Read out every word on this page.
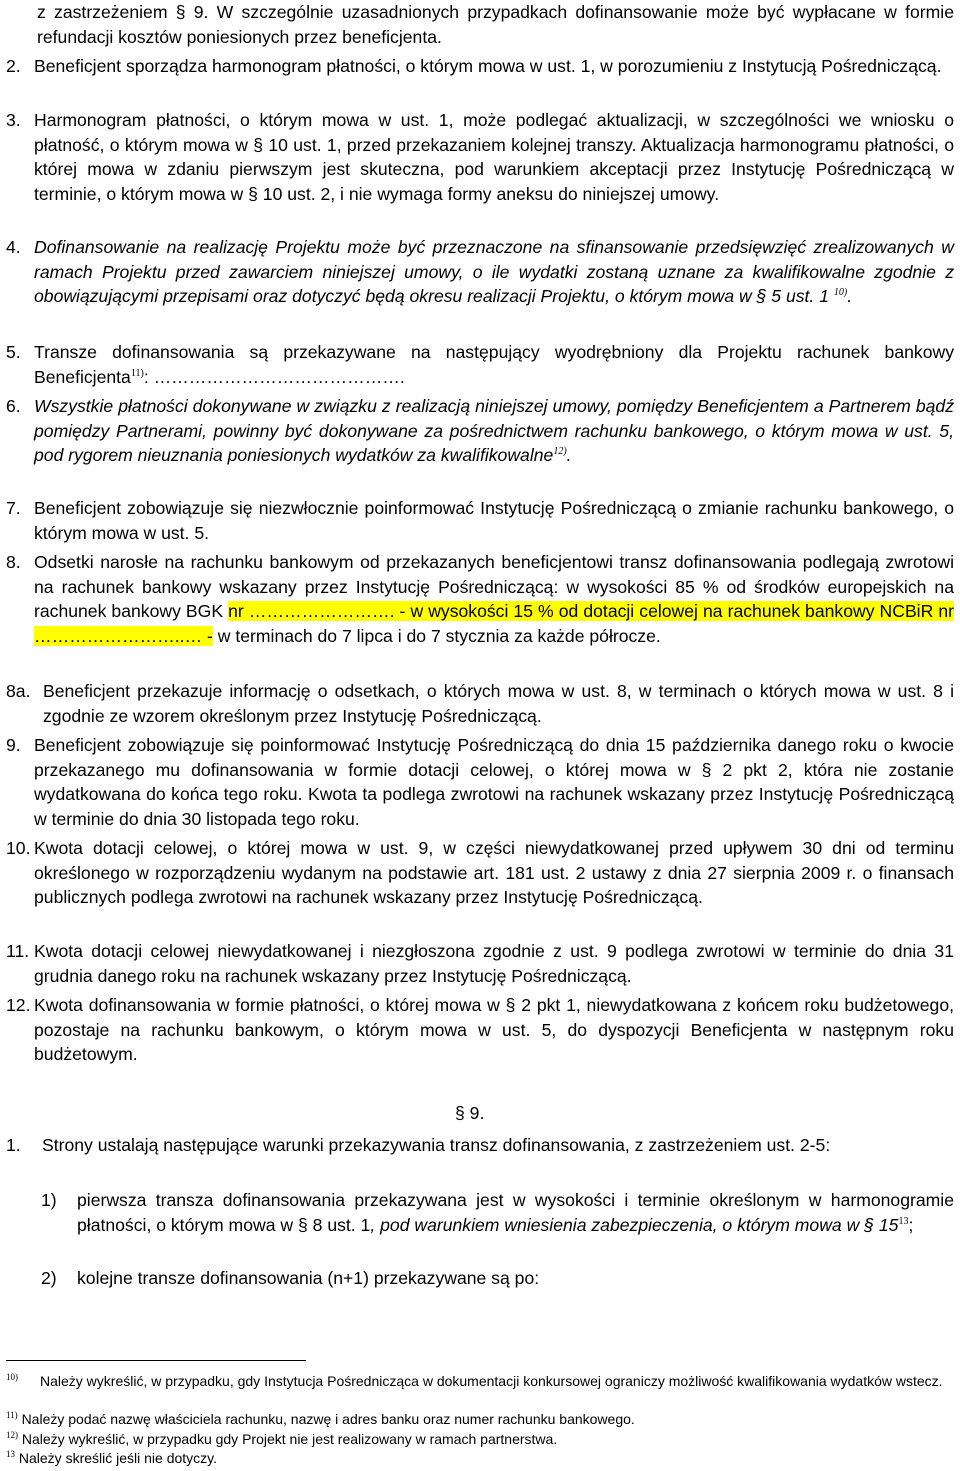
z zastrzeżeniem § 9. W szczególnie uzasadnionych przypadkach dofinansowanie może być wypłacane w formie refundacji kosztów poniesionych przez beneficjenta.
2. Beneficjent sporządza harmonogram płatności, o którym mowa w ust. 1, w porozumieniu z Instytucją Pośredniczącą.
3. Harmonogram płatności, o którym mowa w ust. 1, może podlegać aktualizacji, w szczególności we wniosku o płatność, o którym mowa w § 10 ust. 1, przed przekazaniem kolejnej transzy. Aktualizacja harmonogramu płatności, o której mowa w zdaniu pierwszym jest skuteczna, pod warunkiem akceptacji przez Instytucję Pośredniczącą w terminie, o którym mowa w § 10 ust. 2, i nie wymaga formy aneksu do niniejszej umowy.
4. Dofinansowanie na realizację Projektu może być przeznaczone na sfinansowanie przedsięwzięć zrealizowanych w ramach Projektu przed zawarciem niniejszej umowy, o ile wydatki zostaną uznane za kwalifikowalne zgodnie z obowiązującymi przepisami oraz dotyczyć będą okresu realizacji Projektu, o którym mowa w § 5 ust. 1 $^{10)}$.
5. Transze dofinansowania są przekazywane na następujący wyodrębniony dla Projektu rachunek bankowy Beneficjenta$^{11)}$: …………………………………….
6. Wszystkie płatności dokonywane w związku z realizacją niniejszej umowy, pomiędzy Beneficjentem a Partnerem bądź pomiędzy Partnerami, powinny być dokonywane za pośrednictwem rachunku bankowego, o którym mowa w ust. 5, pod rygorem nieuznania poniesionych wydatków za kwalifikowalne$^{12)}$.
7. Beneficjent zobowiązuje się niezwłocznie poinformować Instytucję Pośredniczącą o zmianie rachunku bankowego, o którym mowa w ust. 5.
8. Odsetki narosłe na rachunku bankowym od przekazanych beneficjentowi transz dofinansowania podlegają zwrotowi na rachunek bankowy wskazany przez Instytucję Pośredniczącą: w wysokości 85 % od środków europejskich na rachunek bankowy BGK nr ……………………. - w wysokości 15 % od dotacji celowej na rachunek bankowy NCBiR nr ……………………..… - w terminach do 7 lipca i do 7 stycznia za każde półrocze.
8a. Beneficjent przekazuje informację o odsetkach, o których mowa w ust. 8, w terminach o których mowa w ust. 8 i zgodnie ze wzorem określonym przez Instytucję Pośredniczącą.
9. Beneficjent zobowiązuje się poinformować Instytucję Pośredniczącą do dnia 15 października danego roku o kwocie przekazanego mu dofinansowania w formie dotacji celowej, o której mowa w § 2 pkt 2, która nie zostanie wydatkowana do końca tego roku. Kwota ta podlega zwrotowi na rachunek wskazany przez Instytucję Pośredniczącą w terminie do dnia 30 listopada tego roku.
10. Kwota dotacji celowej, o której mowa w ust. 9, w części niewydatkowanej przed upływem 30 dni od terminu określonego w rozporządzeniu wydanym na podstawie art. 181 ust. 2 ustawy z dnia 27 sierpnia 2009 r. o finansach publicznych podlega zwrotowi na rachunek wskazany przez Instytucję Pośredniczącą.
11. Kwota dotacji celowej niewydatkowanej i niezgłoszona zgodnie z ust. 9 podlega zwrotowi w terminie do dnia 31 grudnia danego roku na rachunek wskazany przez Instytucję Pośredniczącą.
12. Kwota dofinansowania w formie płatności, o której mowa w § 2 pkt 1, niewydatkowana z końcem roku budżetowego, pozostaje na rachunku bankowym, o którym mowa w ust. 5, do dyspozycji Beneficjenta w następnym roku budżetowym.
§ 9.
1. Strony ustalają następujące warunki przekazywania transz dofinansowania, z zastrzeżeniem ust. 2-5:
1) pierwsza transza dofinansowania przekazywana jest w wysokości i terminie określonym w harmonogramie płatności, o którym mowa w § 8 ust. 1, pod warunkiem wniesienia zabezpieczenia, o którym mowa w § $15^{13}$;
2) kolejne transze dofinansowania (n+1) przekazywane są po:
$^{10)}$ Należy wykreślić, w przypadku, gdy Instytucja Pośrednicząca w dokumentacji konkursowej ograniczy możliwość kwalifikowania wydatków wstecz.
$^{11)}$ Należy podać nazwę właściciela rachunku, nazwę i adres banku oraz numer rachunku bankowego.
$^{12)}$ Należy wykreślić, w przypadku gdy Projekt nie jest realizowany w ramach partnerstwa.
$^{13}$ Należy skreślić jeśli nie dotyczy.
